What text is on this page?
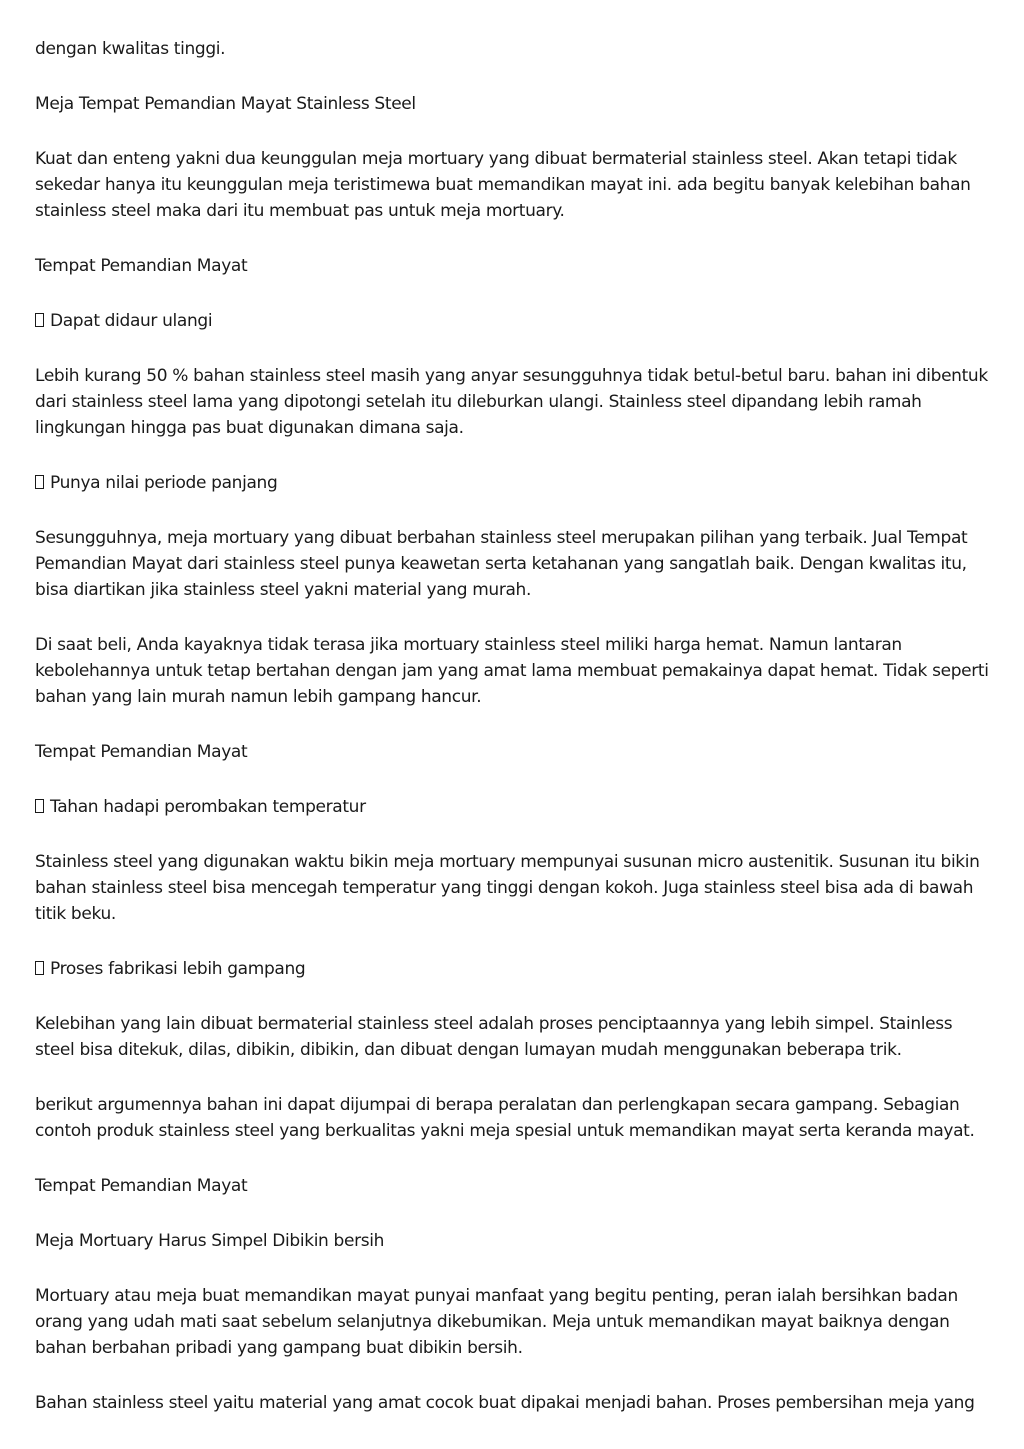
dengan kwalitas tinggi.

Meja Tempat Pemandian Mayat Stainless Steel

Kuat dan enteng yakni dua keunggulan meja mortuary yang dibuat bermaterial stainless steel. Akan tetapi tidak sekedar hanya itu keunggulan meja teristimewa buat memandikan mayat ini. ada begitu banyak kelebihan bahan stainless steel maka dari itu membuat pas untuk meja mortuary.

Tempat Pemandian Mayat

Dapat didaur ulangi

Lebih kurang 50 % bahan stainless steel masih yang anyar sesungguhnya tidak betul-betul baru. bahan ini dibentuk dari stainless steel lama yang dipotongi setelah itu dileburkan ulangi. Stainless steel dipandang lebih ramah lingkungan hingga pas buat digunakan dimana saja.

Punya nilai periode panjang

Sesungguhnya, meja mortuary yang dibuat berbahan stainless steel merupakan pilihan yang terbaik. Jual Tempat Pemandian Mayat dari stainless steel punya keawetan serta ketahanan yang sangatlah baik. Dengan kwalitas itu, bisa diartikan jika stainless steel yakni material yang murah.

Di saat beli, Anda kayaknya tidak terasa jika mortuary stainless steel miliki harga hemat. Namun lantaran kebolehannya untuk tetap bertahan dengan jam yang amat lama membuat pemakainya dapat hemat. Tidak seperti bahan yang lain murah namun lebih gampang hancur.

Tempat Pemandian Mayat

Tahan hadapi perombakan temperatur

Stainless steel yang digunakan waktu bikin meja mortuary mempunyai susunan micro austenitik. Susunan itu bikin bahan stainless steel bisa mencegah temperatur yang tinggi dengan kokoh. Juga stainless steel bisa ada di bawah titik beku.

Proses fabrikasi lebih gampang

Kelebihan yang lain dibuat bermaterial stainless steel adalah proses penciptaannya yang lebih simpel. Stainless steel bisa ditekuk, dilas, dibikin, dibikin, dan dibuat dengan lumayan mudah menggunakan beberapa trik.

berikut argumennya bahan ini dapat dijumpai di berapa peralatan dan perlengkapan secara gampang. Sebagian contoh produk stainless steel yang berkualitas yakni meja spesial untuk memandikan mayat serta keranda mayat.

Tempat Pemandian Mayat

Meja Mortuary Harus Simpel Dibikin bersih

Mortuary atau meja buat memandikan mayat punyai manfaat yang begitu penting, peran ialah bersihkan badan orang yang udah mati saat sebelum selanjutnya dikebumikan. Meja untuk memandikan mayat baiknya dengan bahan berbahan pribadi yang gampang buat dibikin bersih.

Bahan stainless steel yaitu material yang amat cocok buat dipakai menjadi bahan. Proses pembersihan meja yang
